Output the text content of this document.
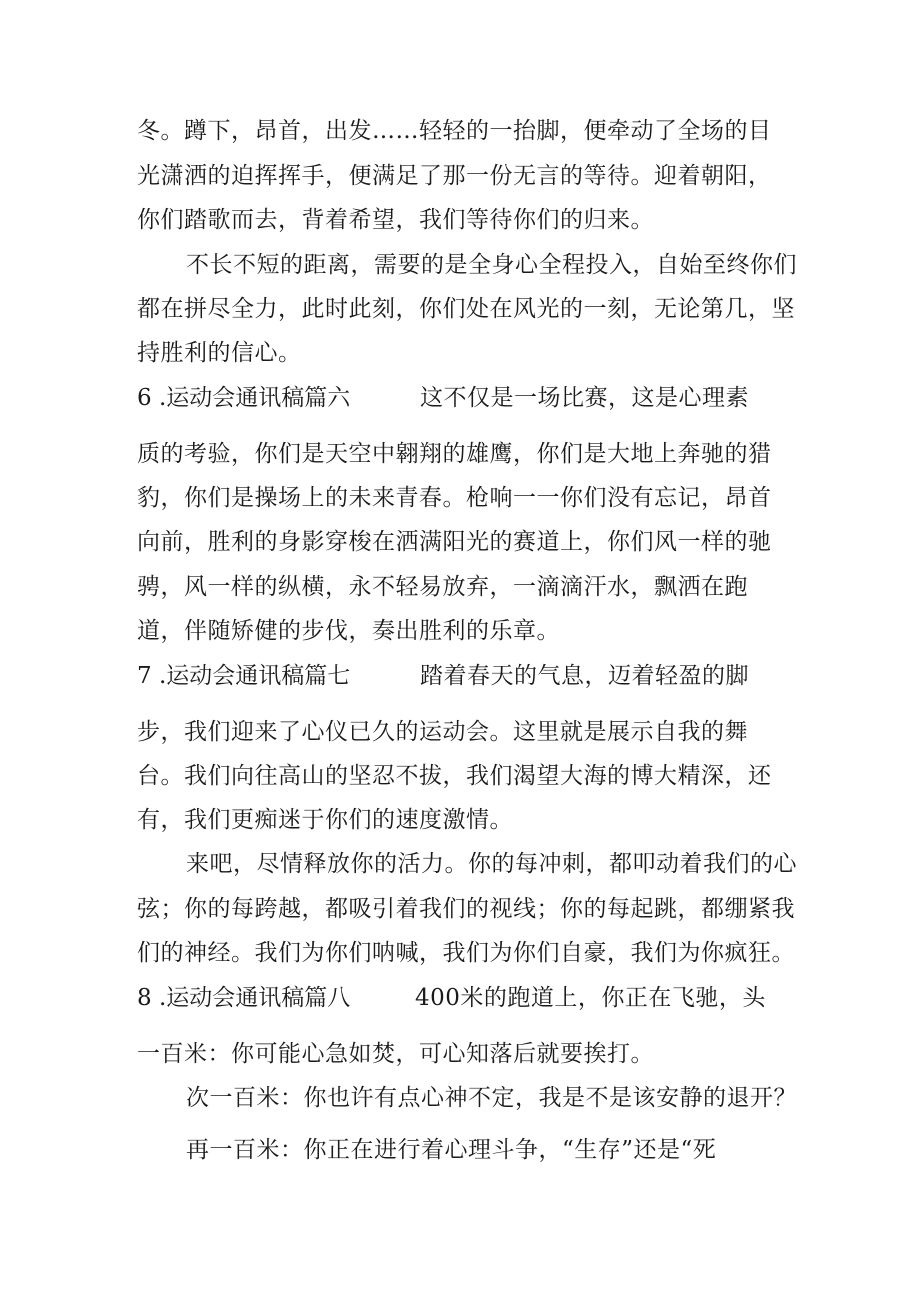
冬。蹲下，昂首，出发……轻轻的一抬脚，便牵动了全场的目
光潇洒的迫挥挥手，便满足了那一份无言的等待。迎着朝阳，
你们踏歌而去，背着希望，我们等待你们的归来。
不长不短的距离，需要的是全身心全程投入，自始至终你们
都在拼尽全力，此时此刻，你们处在风光的一刻，无论第几，坚
持胜利的信心。
6 .运动会通讯稿篇六	这不仅是一场比赛，这是心理素
质的考验，你们是天空中翱翔的雄鹰，你们是大地上奔驰的猎
豹，你们是操场上的未来青春。枪响一一你们没有忘记，昂首
向前，胜利的身影穿梭在洒满阳光的赛道上，你们风一样的驰
骋，风一样的纵横，永不轻易放弃，一滴滴汗水，飘洒在跑
道，伴随矫健的步伐，奏出胜利的乐章。
7 .运动会通讯稿篇七	踏着春天的气息，迈着轻盈的脚
步，我们迎来了心仪已久的运动会。这里就是展示自我的舞
台。我们向往高山的坚忍不拔，我们渴望大海的博大精深，还
有，我们更痴迷于你们的速度激情。
来吧，尽情释放你的活力。你的每冲刺，都叩动着我们的心
弦；你的每跨越，都吸引着我们的视线；你的每起跳，都绷紧我
们的神经。我们为你们呐喊，我们为你们自豪，我们为你疯狂。
8 .运动会通讯稿篇八	400米的跑道上，你正在飞驰，头
一百米：你可能心急如焚，可心知落后就要挨打。
次一百米：你也许有点心神不定，我是不是该安静的退开？
再一百米：你正在进行着心理斗争，“生存”还是“死
